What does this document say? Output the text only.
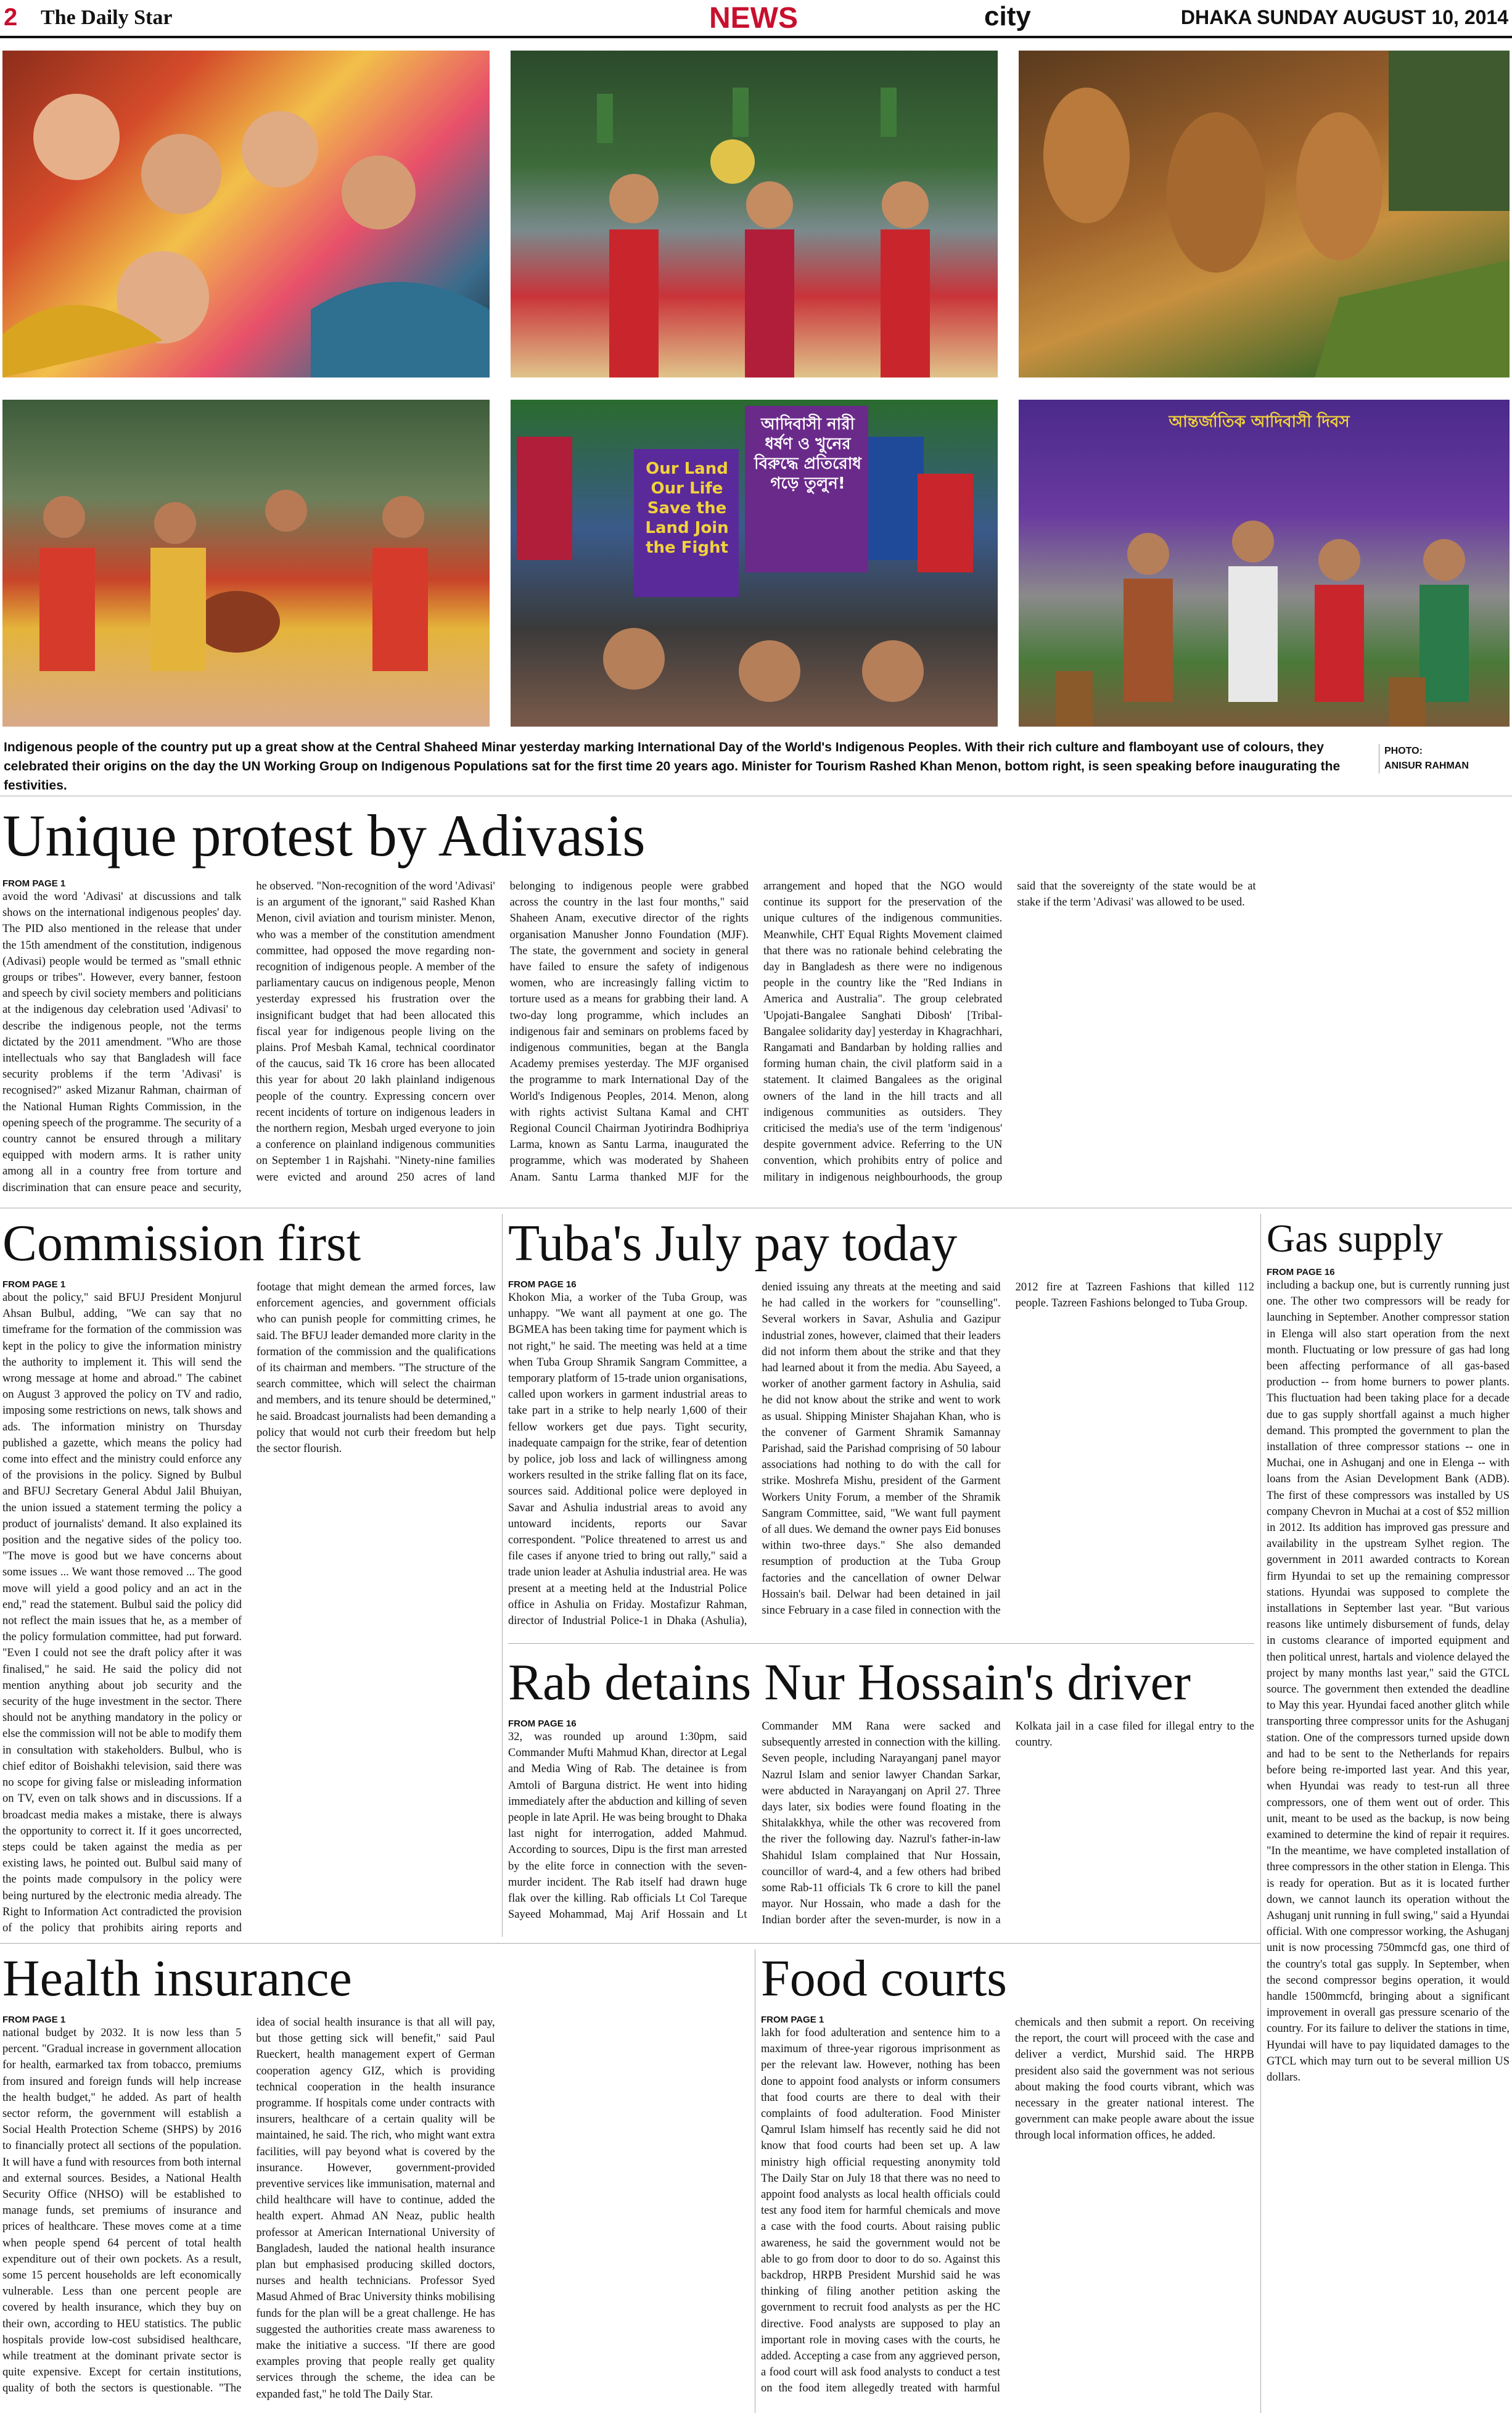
2 The Daily Star	NEWS	city	DHAKA SUNDAY AUGUST 10, 2014
আদিবাসী নারী ধর্ষণ ও খুনের বিরুদ্ধে প্রতিরোধ গড়ে তুলুন!
Our Land Our Life Save the Land Join the Fight
আন্তর্জাতিক আদিবাসী দিবস
Indigenous people of the country put up a great show at the Central Shaheed Minar yesterday marking International Day of the World's Indigenous Peoples. With their rich culture and flamboyant use of colours, they celebrated their origins on the day the UN Working Group on Indigenous Populations sat for the first time 20 years ago. Minister for Tourism Rashed Khan Menon, bottom right, is seen speaking before inaugurating the festivities.
PHOTO:
ANISUR RAHMAN
Unique protest by Adivasis
FROM PAGE 1
avoid the word 'Adivasi' at discussions and talk shows on the international indigenous peoples' day. The PID also mentioned in the release that under the 15th amendment of the constitution, indigenous (Adivasi) people would be termed as "small ethnic groups or tribes". However, every banner, festoon and speech by civil society members and politicians at the indigenous day celebration used 'Adivasi' to describe the indigenous people, not the terms dictated by the 2011 amendment. "Who are those intellectuals who say that Bangladesh will face security problems if the term 'Adivasi' is recognised?" asked Mizanur Rahman, chairman of the National Human Rights Commission, in the opening speech of the programme. The security of a country cannot be ensured through a military equipped with modern arms. It is rather unity among all in a country free from torture and discrimination that can ensure peace and security, he observed. "Non-recognition of the word 'Adivasi' is an argument of the ignorant," said Rashed Khan Menon, civil aviation and tourism minister. Menon, who was a member of the constitution amendment committee, had opposed the move regarding non-recognition of indigenous people. A member of the parliamentary caucus on indigenous people, Menon yesterday expressed his frustration over the insignificant budget that had been allocated this fiscal year for indigenous people living on the plains. Prof Mesbah Kamal, technical coordinator of the caucus, said Tk 16 crore has been allocated this year for about 20 lakh plainland indigenous people of the country. Expressing concern over recent incidents of torture on indigenous leaders in the northern region, Mesbah urged everyone to join a conference on plainland indigenous communities on September 1 in Rajshahi. "Ninety-nine families were evicted and around 250 acres of land belonging to indigenous people were grabbed across the country in the last four months," said Shaheen Anam, executive director of the rights organisation Manusher Jonno Foundation (MJF). The state, the government and society in general have failed to ensure the safety of indigenous women, who are increasingly falling victim to torture used as a means for grabbing their land. A two-day long programme, which includes an indigenous fair and seminars on problems faced by indigenous communities, began at the Bangla Academy premises yesterday. The MJF organised the programme to mark International Day of the World's Indigenous Peoples, 2014. Menon, along with rights activist Sultana Kamal and CHT Regional Council Chairman Jyotirindra Bodhipriya Larma, known as Santu Larma, inaugurated the programme, which was moderated by Shaheen Anam. Santu Larma thanked MJF for the arrangement and hoped that the NGO would continue its support for the preservation of the unique cultures of the indigenous communities. Meanwhile, CHT Equal Rights Movement claimed that there was no rationale behind celebrating the day in Bangladesh as there were no indigenous people in the country like the "Red Indians in America and Australia". The group celebrated 'Upojati-Bangalee Sanghati Dibosh' [Tribal-Bangalee solidarity day] yesterday in Khagrachhari, Rangamati and Bandarban by holding rallies and forming human chain, the civil platform said in a statement. It claimed Bangalees as the original owners of the land in the hill tracts and all indigenous communities as outsiders. They criticised the media's use of the term 'indigenous' despite government advice. Referring to the UN convention, which prohibits entry of police and military in indigenous neighbourhoods, the group said that the sovereignty of the state would be at stake if the term 'Adivasi' was allowed to be used.
Commission first
FROM PAGE 1
about the policy," said BFUJ President Monjurul Ahsan Bulbul, adding, "We can say that no timeframe for the formation of the commission was kept in the policy to give the information ministry the authority to implement it. This will send the wrong message at home and abroad." The cabinet on August 3 approved the policy on TV and radio, imposing some restrictions on news, talk shows and ads. The information ministry on Thursday published a gazette, which means the policy had come into effect and the ministry could enforce any of the provisions in the policy. Signed by Bulbul and BFUJ Secretary General Abdul Jalil Bhuiyan, the union issued a statement terming the policy a product of journalists' demand. It also explained its position and the negative sides of the policy too. "The move is good but we have concerns about some issues ... We want those removed ... The good move will yield a good policy and an act in the end," read the statement. Bulbul said the policy did not reflect the main issues that he, as a member of the policy formulation committee, had put forward. "Even I could not see the draft policy after it was finalised," he said. He said the policy did not mention anything about job security and the security of the huge investment in the sector. There should not be anything mandatory in the policy or else the commission will not be able to modify them in consultation with stakeholders. Bulbul, who is chief editor of Boishakhi television, said there was no scope for giving false or misleading information on TV, even on talk shows and in discussions. If a broadcast media makes a mistake, there is always the opportunity to correct it. If it goes uncorrected, steps could be taken against the media as per existing laws, he pointed out. Bulbul said many of the points made compulsory in the policy were being nurtured by the electronic media already. The Right to Information Act contradicted the provision of the policy that prohibits airing reports and footage that might demean the armed forces, law enforcement agencies, and government officials who can punish people for committing crimes, he said. The BFUJ leader demanded more clarity in the formation of the commission and the qualifications of its chairman and members. "The structure of the search committee, which will select the chairman and members, and its tenure should be determined," he said. Broadcast journalists had been demanding a policy that would not curb their freedom but help the sector flourish.
Tuba's July pay today
FROM PAGE 16
Khokon Mia, a worker of the Tuba Group, was unhappy. "We want all payment at one go. The BGMEA has been taking time for payment which is not right," he said. The meeting was held at a time when Tuba Group Shramik Sangram Committee, a temporary platform of 15-trade union organisations, called upon workers in garment industrial areas to take part in a strike to help nearly 1,600 of their fellow workers get due pays. Tight security, inadequate campaign for the strike, fear of detention by police, job loss and lack of willingness among workers resulted in the strike falling flat on its face, sources said. Additional police were deployed in Savar and Ashulia industrial areas to avoid any untoward incidents, reports our Savar correspondent. "Police threatened to arrest us and file cases if anyone tried to bring out rally," said a trade union leader at Ashulia industrial area. He was present at a meeting held at the Industrial Police office in Ashulia on Friday. Mostafizur Rahman, director of Industrial Police-1 in Dhaka (Ashulia), denied issuing any threats at the meeting and said he had called in the workers for "counselling". Several workers in Savar, Ashulia and Gazipur industrial zones, however, claimed that their leaders did not inform them about the strike and that they had learned about it from the media. Abu Sayeed, a worker of another garment factory in Ashulia, said he did not know about the strike and went to work as usual. Shipping Minister Shajahan Khan, who is the convener of Garment Shramik Samannay Parishad, said the Parishad comprising of 50 labour associations had nothing to do with the call for strike. Moshrefa Mishu, president of the Garment Workers Unity Forum, a member of the Shramik Sangram Committee, said, "We want full payment of all dues. We demand the owner pays Eid bonuses within two-three days." She also demanded resumption of production at the Tuba Group factories and the cancellation of owner Delwar Hossain's bail. Delwar had been detained in jail since February in a case filed in connection with the 2012 fire at Tazreen Fashions that killed 112 people. Tazreen Fashions belonged to Tuba Group.
Rab detains Nur Hossain's driver
FROM PAGE 16
32, was rounded up around 1:30pm, said Commander Mufti Mahmud Khan, director at Legal and Media Wing of Rab. The detainee is from Amtoli of Barguna district. He went into hiding immediately after the abduction and killing of seven people in late April. He was being brought to Dhaka last night for interrogation, added Mahmud. According to sources, Dipu is the first man arrested by the elite force in connection with the seven-murder incident. The Rab itself had drawn huge flak over the killing. Rab officials Lt Col Tareque Sayeed Mohammad, Maj Arif Hossain and Lt Commander MM Rana were sacked and subsequently arrested in connection with the killing. Seven people, including Narayanganj panel mayor Nazrul Islam and senior lawyer Chandan Sarkar, were abducted in Narayanganj on April 27. Three days later, six bodies were found floating in the Shitalakkhya, while the other was recovered from the river the following day. Nazrul's father-in-law Shahidul Islam complained that Nur Hossain, councillor of ward-4, and a few others had bribed some Rab-11 officials Tk 6 crore to kill the panel mayor. Nur Hossain, who made a dash for the Indian border after the seven-murder, is now in a Kolkata jail in a case filed for illegal entry to the country.
Gas supply
FROM PAGE 16
including a backup one, but is currently running just one. The other two compressors will be ready for launching in September. Another compressor station in Elenga will also start operation from the next month. Fluctuating or low pressure of gas had long been affecting performance of all gas-based production -- from home burners to power plants. This fluctuation had been taking place for a decade due to gas supply shortfall against a much higher demand. This prompted the government to plan the installation of three compressor stations -- one in Muchai, one in Ashuganj and one in Elenga -- with loans from the Asian Development Bank (ADB). The first of these compressors was installed by US company Chevron in Muchai at a cost of $52 million in 2012. Its addition has improved gas pressure and availability in the upstream Sylhet region. The government in 2011 awarded contracts to Korean firm Hyundai to set up the remaining compressor stations. Hyundai was supposed to complete the installations in September last year. "But various reasons like untimely disbursement of funds, delay in customs clearance of imported equipment and then political unrest, hartals and violence delayed the project by many months last year," said the GTCL source. The government then extended the deadline to May this year. Hyundai faced another glitch while transporting three compressor units for the Ashuganj station. One of the compressors turned upside down and had to be sent to the Netherlands for repairs before being re-imported last year. And this year, when Hyundai was ready to test-run all three compressors, one of them went out of order. This unit, meant to be used as the backup, is now being examined to determine the kind of repair it requires. "In the meantime, we have completed installation of three compressors in the other station in Elenga. This is ready for operation. But as it is located further down, we cannot launch its operation without the Ashuganj unit running in full swing," said a Hyundai official. With one compressor working, the Ashuganj unit is now processing 750mmcfd gas, one third of the country's total gas supply. In September, when the second compressor begins operation, it would handle 1500mmcfd, bringing about a significant improvement in overall gas pressure scenario of the country. For its failure to deliver the stations in time, Hyundai will have to pay liquidated damages to the GTCL which may turn out to be several million US dollars.
Health insurance
FROM PAGE 1
national budget by 2032. It is now less than 5 percent. "Gradual increase in government allocation for health, earmarked tax from tobacco, premiums from insured and foreign funds will help increase the health budget," he added. As part of health sector reform, the government will establish a Social Health Protection Scheme (SHPS) by 2016 to financially protect all sections of the population. It will have a fund with resources from both internal and external sources. Besides, a National Health Security Office (NHSO) will be established to manage funds, set premiums of insurance and prices of healthcare. These moves come at a time when people spend 64 percent of total health expenditure out of their own pockets. As a result, some 15 percent households are left economically vulnerable. Less than one percent people are covered by health insurance, which they buy on their own, according to HEU statistics. The public hospitals provide low-cost subsidised healthcare, while treatment at the dominant private sector is quite expensive. Except for certain institutions, quality of both the sectors is questionable. "The idea of social health insurance is that all will pay, but those getting sick will benefit," said Paul Rueckert, health management expert of German cooperation agency GIZ, which is providing technical cooperation in the health insurance programme. If hospitals come under contracts with insurers, healthcare of a certain quality will be maintained, he said. The rich, who might want extra facilities, will pay beyond what is covered by the insurance. However, government-provided preventive services like immunisation, maternal and child healthcare will have to continue, added the health expert. Ahmad AN Neaz, public health professor at American International University of Bangladesh, lauded the national health insurance plan but emphasised producing skilled doctors, nurses and health technicians. Professor Syed Masud Ahmed of Brac University thinks mobilising funds for the plan will be a great challenge. He has suggested the authorities create mass awareness to make the initiative a success. "If there are good examples proving that people really get quality services through the scheme, the idea can be expanded fast," he told The Daily Star.
Food courts
FROM PAGE 1
lakh for food adulteration and sentence him to a maximum of three-year rigorous imprisonment as per the relevant law. However, nothing has been done to appoint food analysts or inform consumers that food courts are there to deal with their complaints of food adulteration. Food Minister Qamrul Islam himself has recently said he did not know that food courts had been set up. A law ministry high official requesting anonymity told The Daily Star on July 18 that there was no need to appoint food analysts as local health officials could test any food item for harmful chemicals and move a case with the food courts. About raising public awareness, he said the government would not be able to go from door to door to do so. Against this backdrop, HRPB President Murshid said he was thinking of filing another petition asking the government to recruit food analysts as per the HC directive. Food analysts are supposed to play an important role in moving cases with the courts, he added. Accepting a case from any aggrieved person, a food court will ask food analysts to conduct a test on the food item allegedly treated with harmful chemicals and then submit a report. On receiving the report, the court will proceed with the case and deliver a verdict, Murshid said. The HRPB president also said the government was not serious about making the food courts vibrant, which was necessary in the greater national interest. The government can make people aware about the issue through local information offices, he added.
